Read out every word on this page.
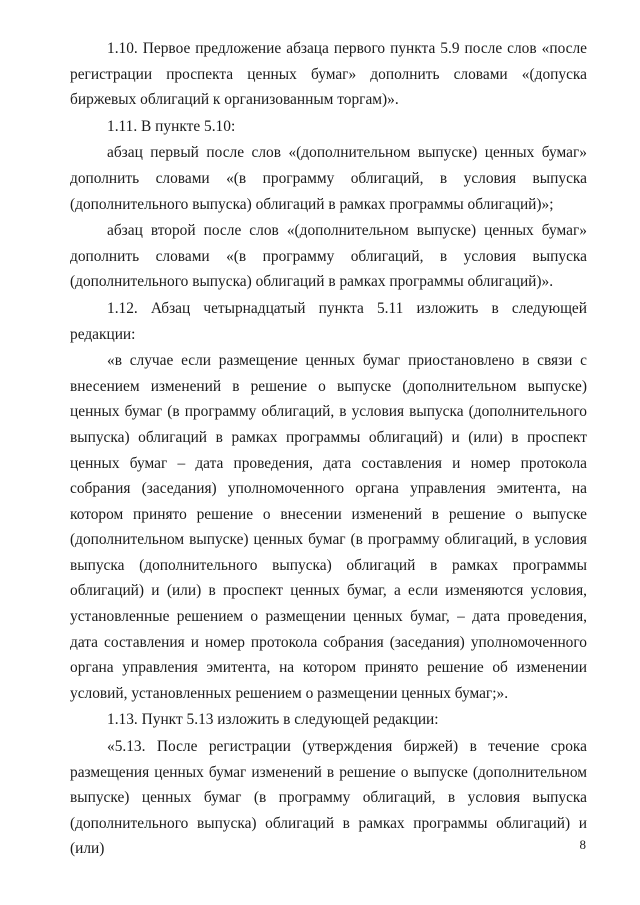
1.10. Первое предложение абзаца первого пункта 5.9 после слов «после регистрации проспекта ценных бумаг» дополнить словами «(допуска биржевых облигаций к организованным торгам)».

1.11. В пункте 5.10:

абзац первый после слов «(дополнительном выпуске) ценных бумаг» дополнить словами «(в программу облигаций, в условия выпуска (дополнительного выпуска) облигаций в рамках программы облигаций)»;

абзац второй после слов «(дополнительном выпуске) ценных бумаг» дополнить словами «(в программу облигаций, в условия выпуска (дополнительного выпуска) облигаций в рамках программы облигаций)».

1.12. Абзац четырнадцатый пункта 5.11 изложить в следующей редакции:

«в случае если размещение ценных бумаг приостановлено в связи с внесением изменений в решение о выпуске (дополнительном выпуске) ценных бумаг (в программу облигаций, в условия выпуска (дополнительного выпуска) облигаций в рамках программы облигаций) и (или) в проспект ценных бумаг – дата проведения, дата составления и номер протокола собрания (заседания) уполномоченного органа управления эмитента, на котором принято решение о внесении изменений в решение о выпуске (дополнительном выпуске) ценных бумаг (в программу облигаций, в условия выпуска (дополнительного выпуска) облигаций в рамках программы облигаций) и (или) в проспект ценных бумаг, а если изменяются условия, установленные решением о размещении ценных бумаг, – дата проведения, дата составления и номер протокола собрания (заседания) уполномоченного органа управления эмитента, на котором принято решение об изменении условий, установленных решением о размещении ценных бумаг;».

1.13. Пункт 5.13 изложить в следующей редакции:

«5.13. После регистрации (утверждения биржей) в течение срока размещения ценных бумаг изменений в решение о выпуске (дополнительном выпуске) ценных бумаг (в программу облигаций, в условия выпуска (дополнительного выпуска) облигаций в рамках программы облигаций) и (или)	8
